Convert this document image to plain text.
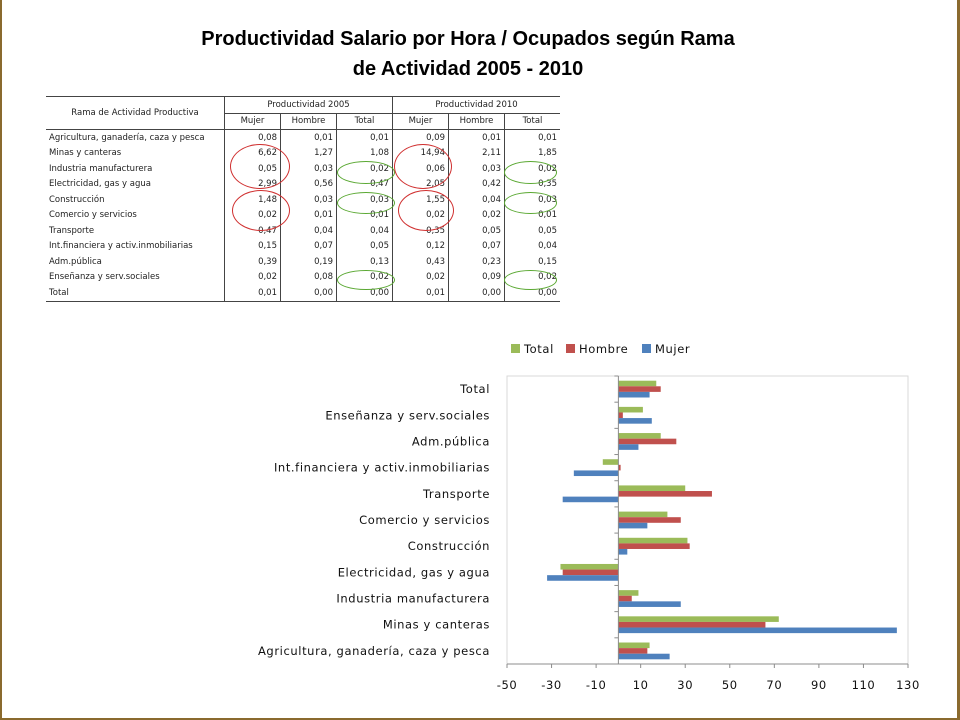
Productividad Salario por Hora / Ocupados según Rama
de Actividad 2005 - 2010
Rama de Actividad Productiva	Productividad 2005			Productividad 2010		
	Mujer	Hombre	Total	Mujer	Hombre	Total
Agricultura, ganadería, caza y pesca	0,08	0,01	0,01	0,09	0,01	0,01
Minas y canteras	6,62	1,27	1,08	14,94	2,11	1,85
Industria manufacturera	0,05	0,03	0,02	0,06	0,03	0,02
Electricidad, gas y agua	2,99	0,56	0,47	2,05	0,42	0,35
Construcción	1,48	0,03	0,03	1,55	0,04	0,03
Comercio y servicios	0,02	0,01	0,01	0,02	0,02	0,01
Transporte	0,47	0,04	0,04	0,35	0,05	0,05
Int.financiera y activ.inmobiliarias	0,15	0,07	0,05	0,12	0,07	0,04
Adm.pública	0,39	0,19	0,13	0,43	0,23	0,15
Enseñanza y serv.sociales	0,02	0,08	0,02	0,02	0,09	0,02
Total	0,01	0,00	0,00	0,01	0,00	0,00
Total
Enseñanza y serv.sociales
Adm.pública
Int.financiera y activ.inmobiliarias
Transporte
Comercio y servicios
Construcción
Electricidad, gas y agua
Industria manufacturera
Minas y canteras
Agricultura, ganadería, caza y pesca
-50 -30 -10 10 30 50 70 90 110 130
Total Hombre Mujer
